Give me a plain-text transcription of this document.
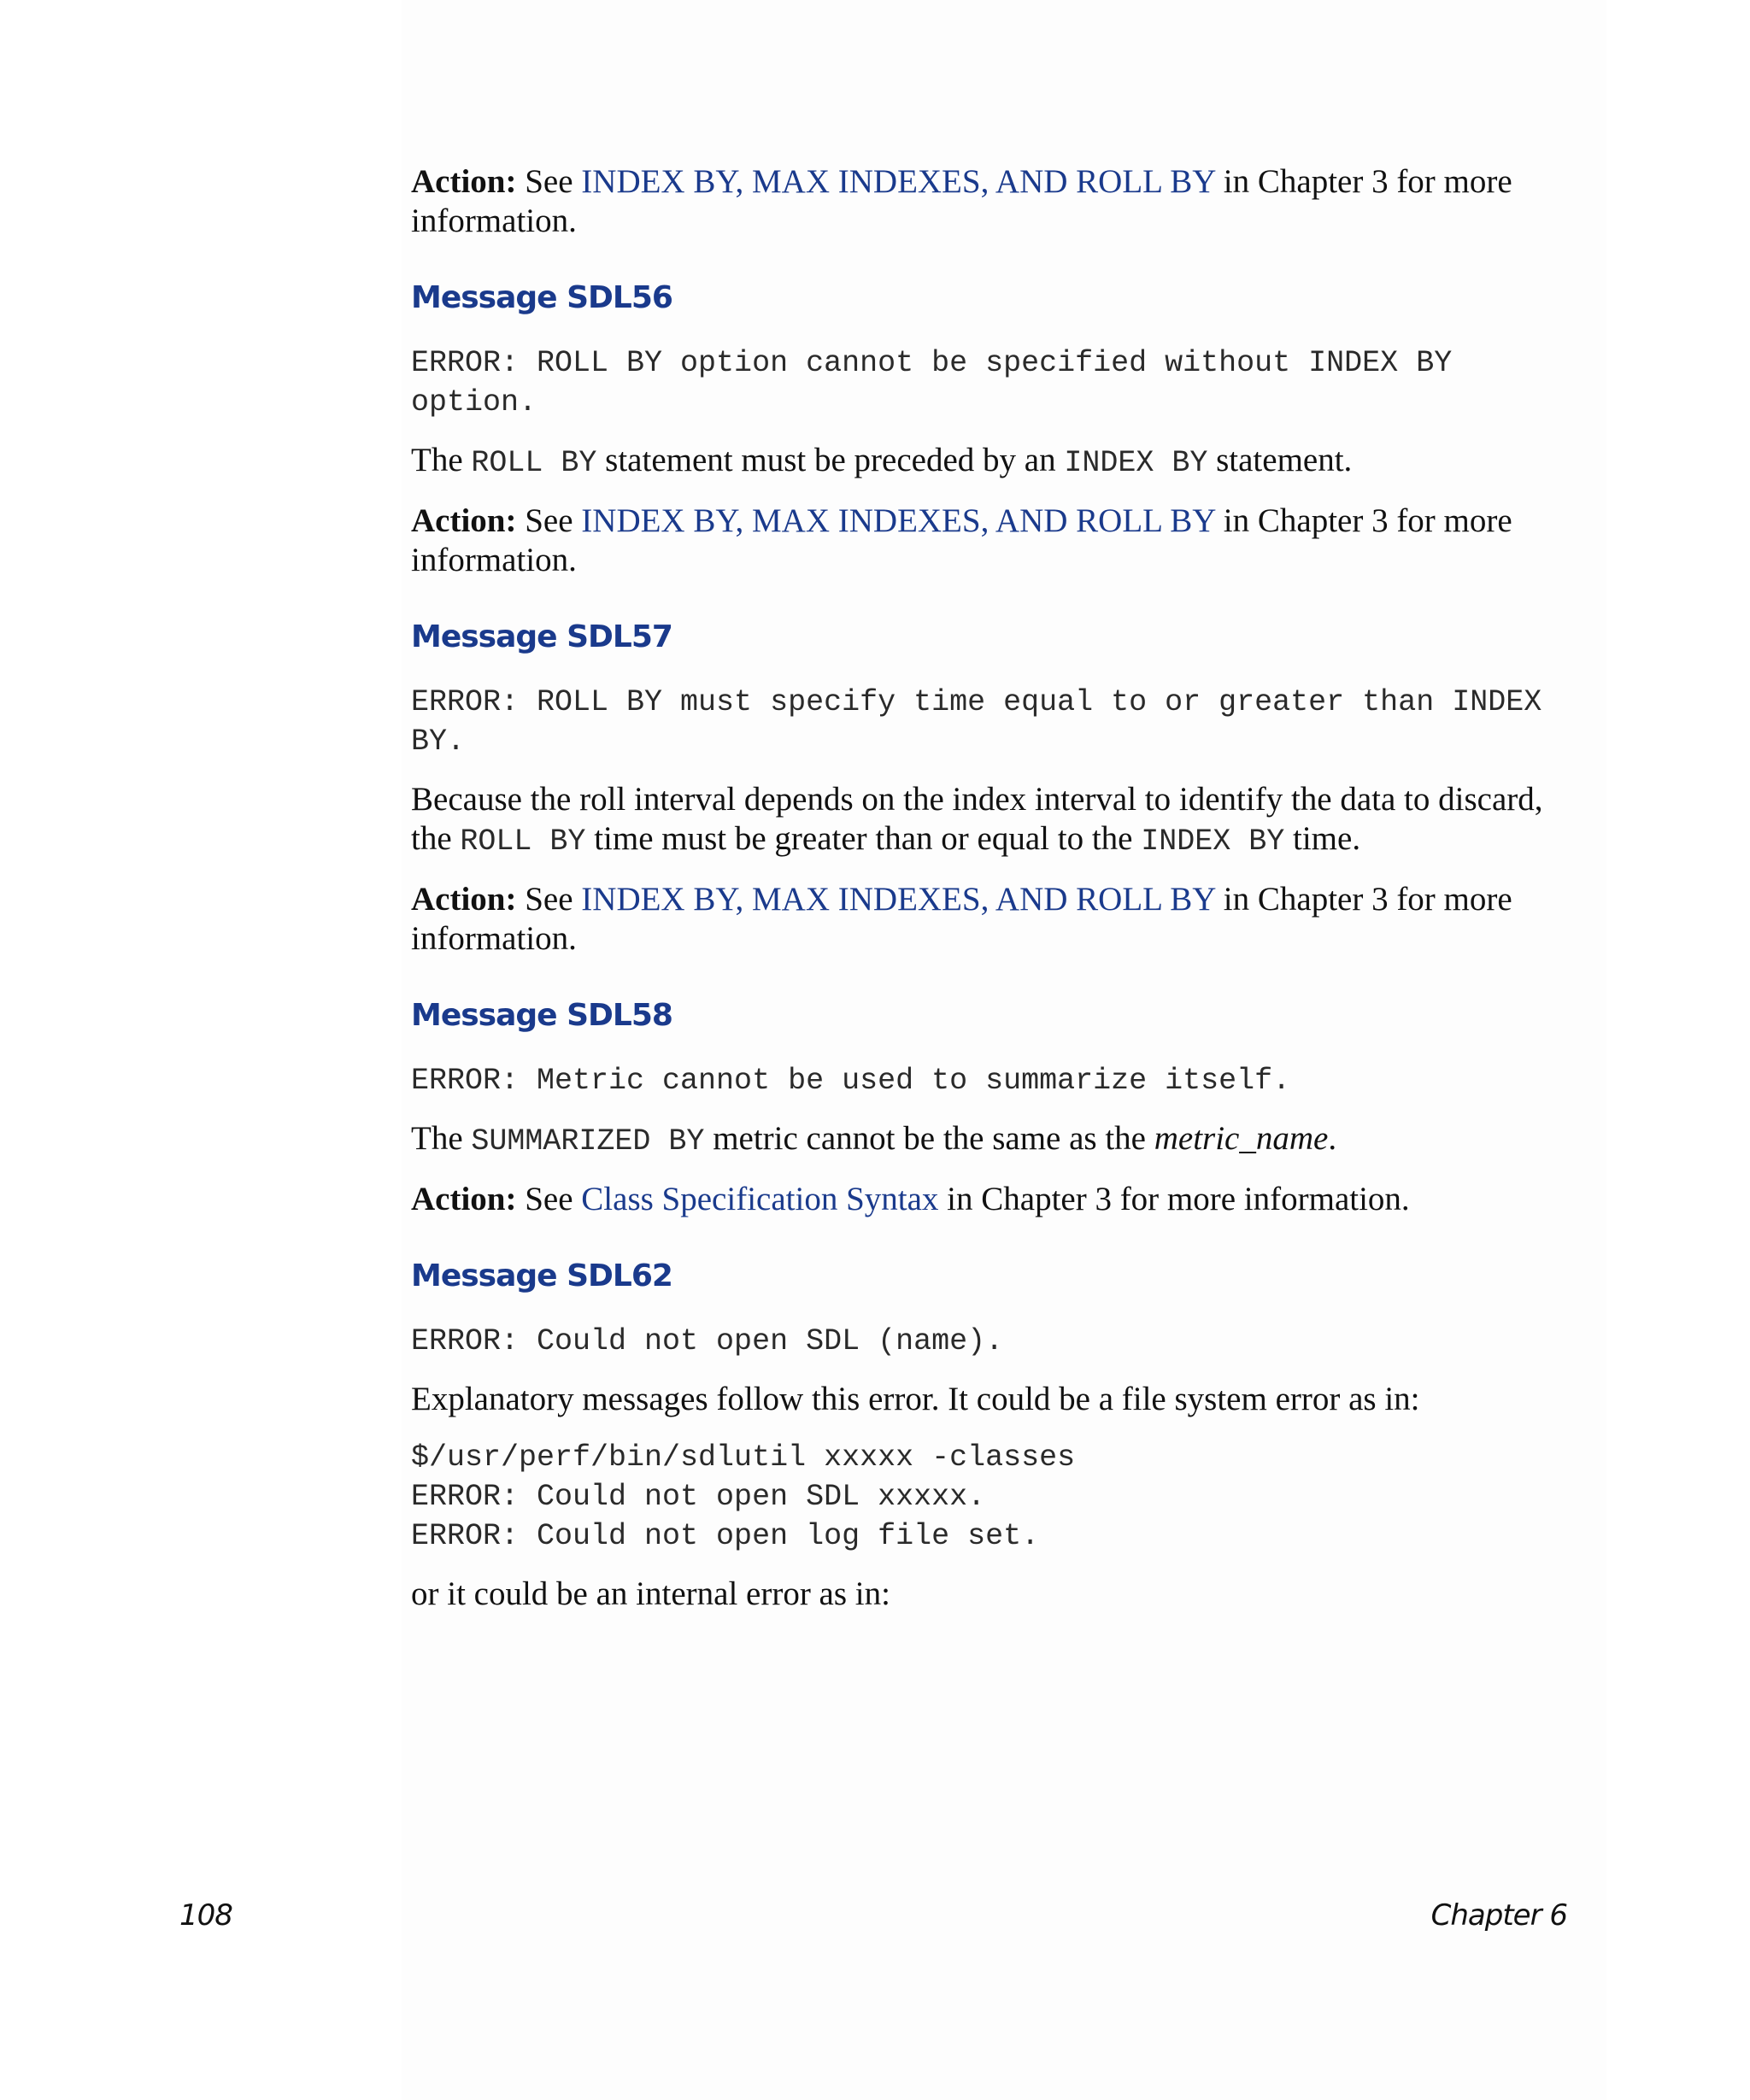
Action: See INDEX BY, MAX INDEXES, AND ROLL BY in Chapter 3 for more information.

Message SDL56

ERROR: ROLL BY option cannot be specified without INDEX BY option.

The ROLL BY statement must be preceded by an INDEX BY statement.

Action: See INDEX BY, MAX INDEXES, AND ROLL BY in Chapter 3 for more information.

Message SDL57

ERROR: ROLL BY must specify time equal to or greater than INDEX BY.

Because the roll interval depends on the index interval to identify the data to discard, the ROLL BY time must be greater than or equal to the INDEX BY time.

Action: See INDEX BY, MAX INDEXES, AND ROLL BY in Chapter 3 for more information.

Message SDL58

ERROR: Metric cannot be used to summarize itself.

The SUMMARIZED BY metric cannot be the same as the metric_name.

Action: See Class Specification Syntax in Chapter 3 for more information.

Message SDL62

ERROR: Could not open SDL (name).

Explanatory messages follow this error. It could be a file system error as in:

$/usr/perf/bin/sdlutil xxxxx -classes
ERROR: Could not open SDL xxxxx.
ERROR: Could not open log file set.

or it could be an internal error as in:

108	Chapter 6
